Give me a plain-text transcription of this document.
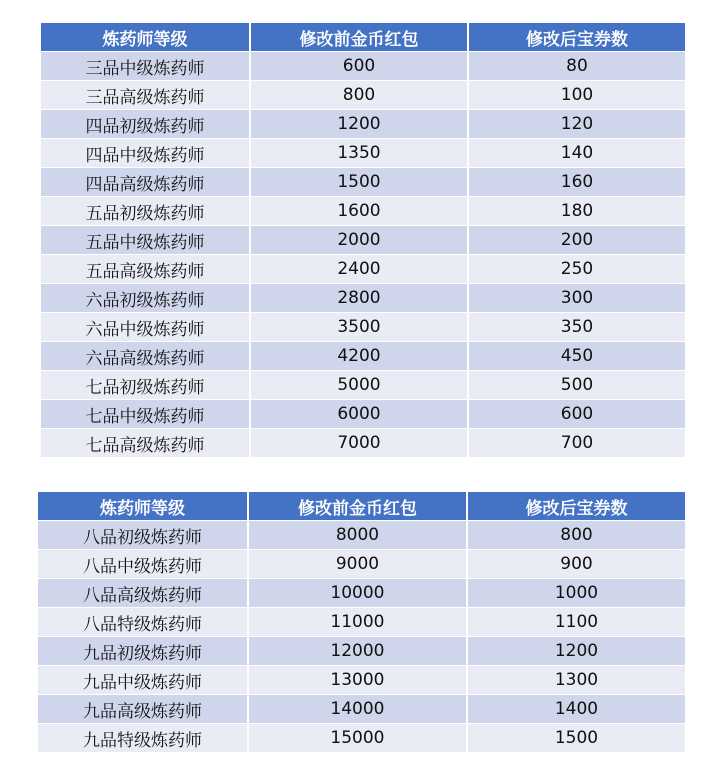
炼药师等级	修改前金币红包	修改后宝券数
三品中级炼药师	600	80
三品高级炼药师	800	100
四品初级炼药师	1200	120
四品中级炼药师	1350	140
四品高级炼药师	1500	160
五品初级炼药师	1600	180
五品中级炼药师	2000	200
五品高级炼药师	2400	250
六品初级炼药师	2800	300
六品中级炼药师	3500	350
六品高级炼药师	4200	450
七品初级炼药师	5000	500
七品中级炼药师	6000	600
七品高级炼药师	7000	700
炼药师等级	修改前金币红包	修改后宝券数
八品初级炼药师	8000	800
八品中级炼药师	9000	900
八品高级炼药师	10000	1000
八品特级炼药师	11000	1100
九品初级炼药师	12000	1200
九品中级炼药师	13000	1300
九品高级炼药师	14000	1400
九品特级炼药师	15000	1500
